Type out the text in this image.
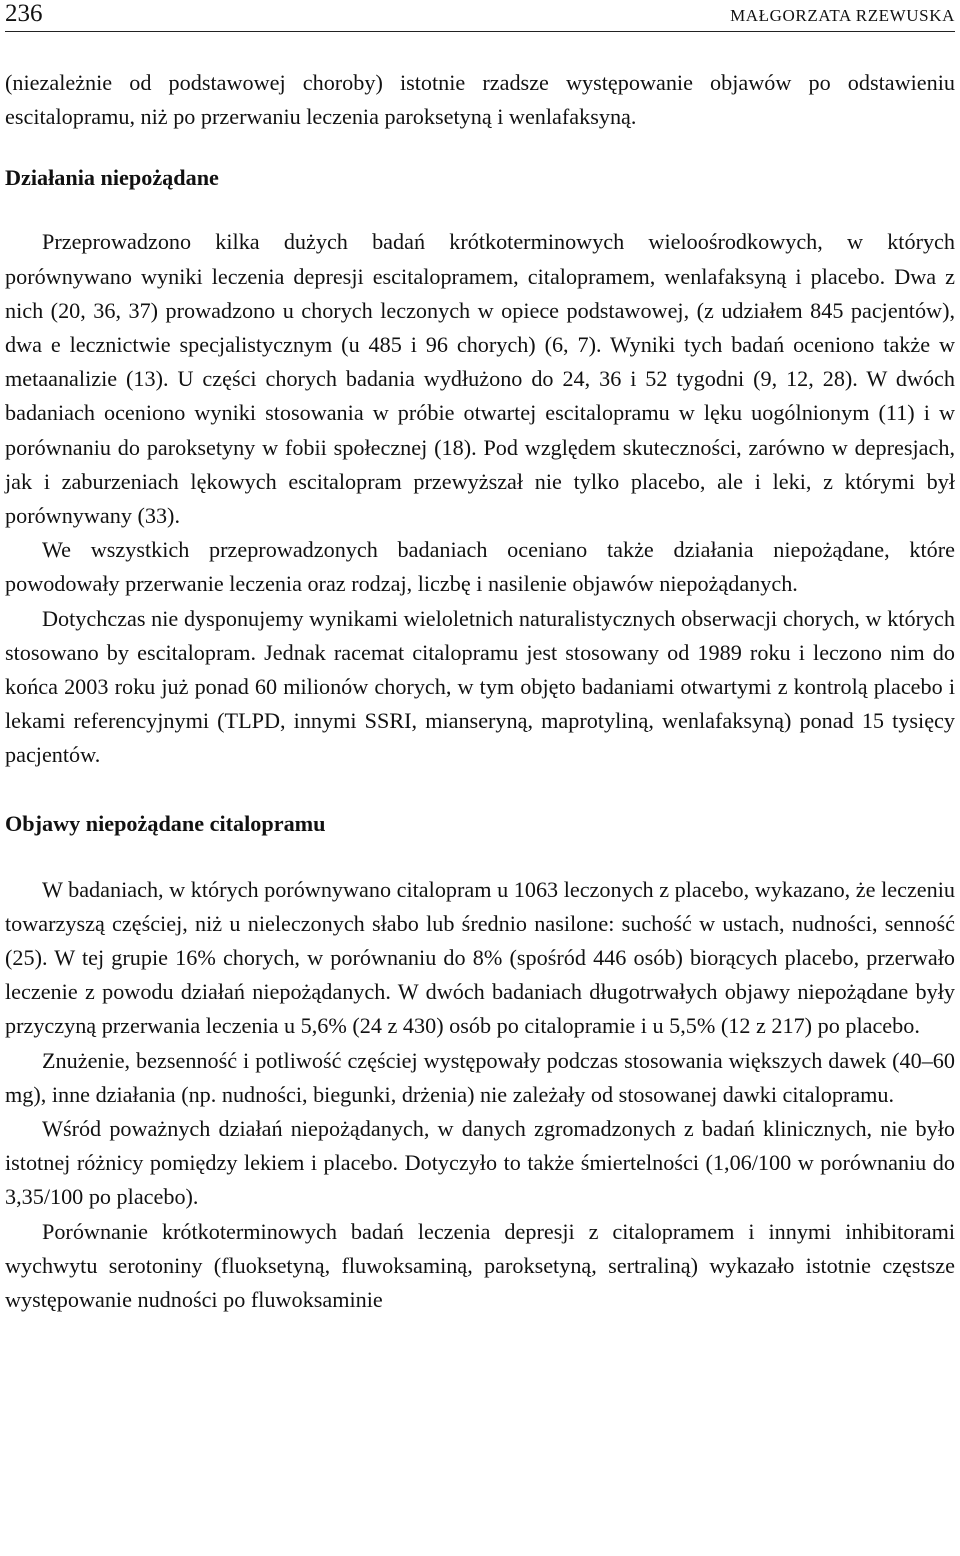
236	MAŁGORZATA RZEWUSKA

(niezależnie od podstawowej choroby) istotnie rzadsze występowanie objawów po odstawieniu escitalopramu, niż po przerwaniu leczenia paroksetyną i wenlafaksyną.

Działania niepożądane

Przeprowadzono kilka dużych badań krótkoterminowych wieloośrodkowych, w których porównywano wyniki leczenia depresji escitalopramem, citalopramem, wenlafaksyną i placebo. Dwa z nich (20, 36, 37) prowadzono u chorych leczonych w opiece podstawowej, (z udziałem 845 pacjentów), dwa e lecznictwie specjalistycznym (u 485 i 96 chorych) (6, 7). Wyniki tych badań oceniono także w metaanalizie (13). U części chorych badania wydłużono do 24, 36 i 52 tygodni (9, 12, 28). W dwóch badaniach oceniono wyniki stosowania w próbie otwartej escitalopramu w lęku uogólnionym (11) i w porównaniu do paroksetyny w fobii społecznej (18). Pod względem skuteczności, zarówno w depresjach, jak i zaburzeniach lękowych escitalopram przewyższał nie tylko placebo, ale i leki, z którymi był porównywany (33).

We wszystkich przeprowadzonych badaniach oceniano także działania niepożądane, które powodowały przerwanie leczenia oraz rodzaj, liczbę i nasilenie objawów niepożądanych.

Dotychczas nie dysponujemy wynikami wieloletnich naturalistycznych obserwacji chorych, w których stosowano by escitalopram. Jednak racemat citalopramu jest stosowany od 1989 roku i leczono nim do końca 2003 roku już ponad 60 milionów chorych, w tym objęto badaniami otwartymi z kontrolą placebo i lekami referencyjnymi (TLPD, innymi SSRI, mianseryną, maprotyliną, wenlafaksyną) ponad 15 tysięcy pacjentów.

Objawy niepożądane citalopramu

W badaniach, w których porównywano citalopram u 1063 leczonych z placebo, wykazano, że leczeniu towarzyszą częściej, niż u nieleczonych słabo lub średnio nasilone: suchość w ustach, nudności, senność (25). W tej grupie 16% chorych, w porównaniu do 8% (spośród 446 osób) biorących placebo, przerwało leczenie z powodu działań niepożądanych. W dwóch badaniach długotrwałych objawy niepożądane były przyczyną przerwania leczenia u 5,6% (24 z 430) osób po citalopramie i u 5,5% (12 z 217) po placebo.

Znużenie, bezsenność i potliwość częściej występowały podczas stosowania większych dawek (40–60 mg), inne działania (np. nudności, biegunki, drżenia) nie zależały od stosowanej dawki citalopramu.

Wśród poważnych działań niepożądanych, w danych zgromadzonych z badań klinicznych, nie było istotnej różnicy pomiędzy lekiem i placebo. Dotyczyło to także śmiertelności (1,06/100 w porównaniu do 3,35/100 po placebo).

Porównanie krótkoterminowych badań leczenia depresji z citalopramem i innymi inhibitorami wychwytu serotoniny (fluoksetyną, fluwoksaminą, paroksetyną, sertraliną) wykazało istotnie częstsze występowanie nudności po fluwoksaminie
